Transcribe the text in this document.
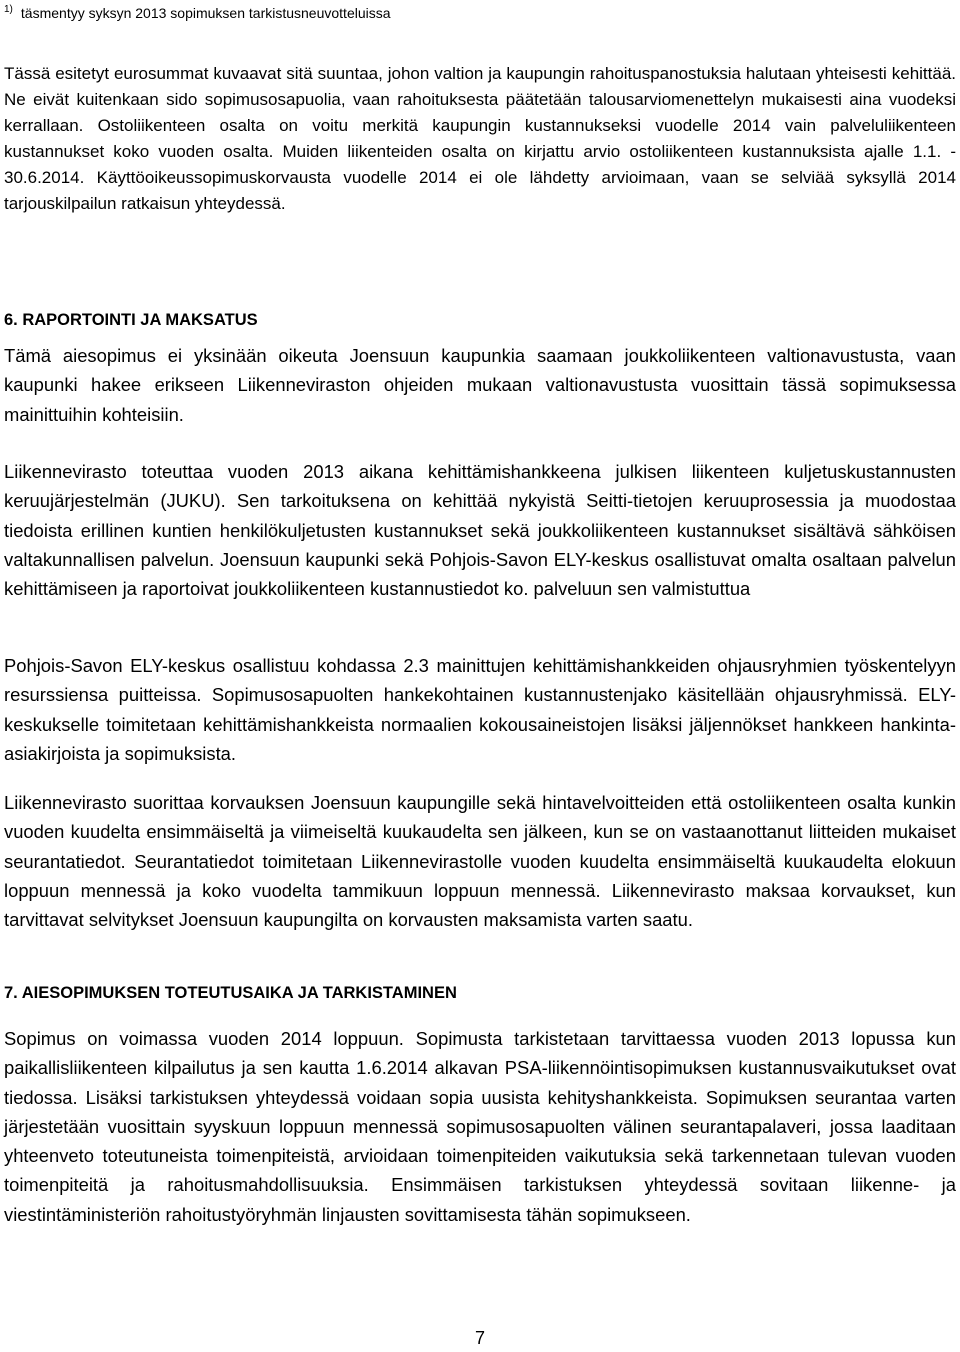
$^{1)}$ täsmentyy syksyn 2013 sopimuksen tarkistusneuvotteluissa

Tässä esitetyt eurosummat kuvaavat sitä suuntaa, johon valtion ja kaupungin rahoituspanostuksia halutaan yhteisesti kehittää. Ne eivät kuitenkaan sido sopimusosapuolia, vaan rahoituksesta päätetään talousarviomenettelyn mukaisesti aina vuodeksi kerrallaan. Ostoliikenteen osalta on voitu merkitä kaupungin kustannukseksi vuodelle 2014 vain palveluliikenteen kustannukset koko vuoden osalta. Muiden liikenteiden osalta on kirjattu arvio ostoliikenteen kustannuksista ajalle 1.1. - 30.6.2014. Käyttöoikeussopimuskorvausta vuodelle 2014 ei ole lähdetty arvioimaan, vaan se selviää syksyllä 2014 tarjouskilpailun ratkaisun yhteydessä.

6. RAPORTOINTI JA MAKSATUS

Tämä aiesopimus ei yksinään oikeuta Joensuun kaupunkia saamaan joukkoliikenteen valtionavustusta, vaan kaupunki hakee erikseen Liikenneviraston ohjeiden mukaan valtionavustusta vuosittain tässä sopimuksessa mainittuihin kohteisiin.

Liikennevirasto toteuttaa vuoden 2013 aikana kehittämishankkeena julkisen liikenteen kuljetuskustannusten keruujärjestelmän (JUKU). Sen tarkoituksena on kehittää nykyistä Seitti-tietojen keruuprosessia ja muodostaa tiedoista erillinen kuntien henkilökuljetusten kustannukset sekä joukkoliikenteen kustannukset sisältävä sähköisen valtakunnallisen palvelun. Joensuun kaupunki sekä Pohjois-Savon ELY-keskus osallistuvat omalta osaltaan palvelun kehittämiseen ja raportoivat joukkoliikenteen kustannustiedot ko. palveluun sen valmistuttua

Pohjois-Savon ELY-keskus osallistuu kohdassa 2.3 mainittujen kehittämishankkeiden ohjausryhmien työskentelyyn resurssiensa puitteissa. Sopimusosapuolten hankekohtainen kustannustenjako käsitellään ohjausryhmissä. ELY-keskukselle toimitetaan kehittämishankkeista normaalien kokousaineistojen lisäksi jäljennökset hankkeen hankinta-asiakirjoista ja sopimuksista.

Liikennevirasto suorittaa korvauksen Joensuun kaupungille sekä hintavelvoitteiden että ostoliikenteen osalta kunkin vuoden kuudelta ensimmäiseltä ja viimeiseltä kuukaudelta sen jälkeen, kun se on vastaanottanut liitteiden mukaiset seurantatiedot. Seurantatiedot toimitetaan Liikennevirastolle vuoden kuudelta ensimmäiseltä kuukaudelta elokuun loppuun mennessä ja koko vuodelta tammikuun loppuun mennessä. Liikennevirasto maksaa korvaukset, kun tarvittavat selvitykset Joensuun kaupungilta on korvausten maksamista varten saatu.

7. AIESOPIMUKSEN TOTEUTUSAIKA JA TARKISTAMINEN

Sopimus on voimassa vuoden 2014 loppuun. Sopimusta tarkistetaan tarvittaessa vuoden 2013 lopussa kun paikallisliikenteen kilpailutus ja sen kautta 1.6.2014 alkavan PSA-liikennöintisopimuksen kustannusvaikutukset ovat tiedossa. Lisäksi tarkistuksen yhteydessä voidaan sopia uusista kehityshankkeista. Sopimuksen seurantaa varten järjestetään vuosittain syyskuun loppuun mennessä sopimusosapuolten välinen seurantapalaveri, jossa laaditaan yhteenveto toteutuneista toimenpiteistä, arvioidaan toimenpiteiden vaikutuksia sekä tarkennetaan tulevan vuoden toimenpiteitä ja rahoitusmahdollisuuksia. Ensimmäisen tarkistuksen yhteydessä sovitaan liikenne- ja viestintäministeriön rahoitustyöryhmän linjausten sovittamisesta tähän sopimukseen.

7
